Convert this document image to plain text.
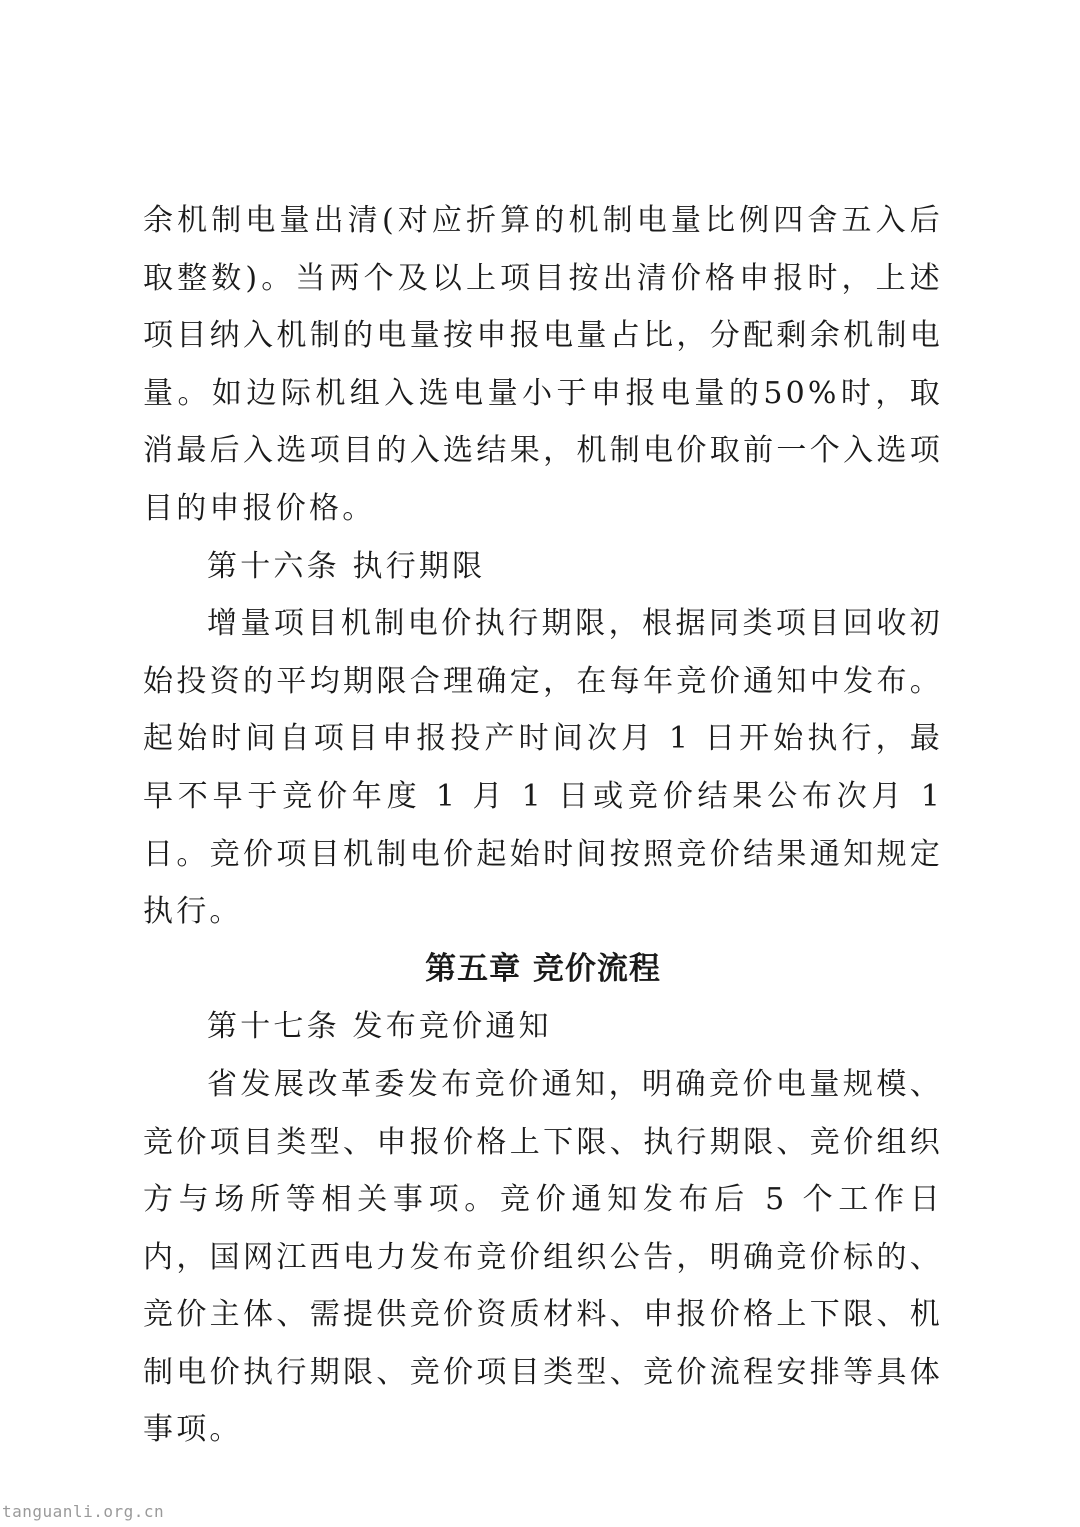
余机制电量出清(对应折算的机制电量比例四舍五入后取整数)。当两个及以上项目按出清价格申报时，上述项目纳入机制的电量按申报电量占比，分配剩余机制电量。如边际机组入选电量小于申报电量的50%时，取消最后入选项目的入选结果，机制电价取前一个入选项目的申报价格。

第十六条 执行期限

增量项目机制电价执行期限，根据同类项目回收初始投资的平均期限合理确定，在每年竞价通知中发布。起始时间自项目申报投产时间次月 1 日开始执行，最早不早于竞价年度 1 月 1 日或竞价结果公布次月 1 日。竞价项目机制电价起始时间按照竞价结果通知规定执行。

第五章 竞价流程

第十七条 发布竞价通知

省发展改革委发布竞价通知，明确竞价电量规模、竞价项目类型、申报价格上下限、执行期限、竞价组织方与场所等相关事项。竞价通知发布后 5 个工作日内，国网江西电力发布竞价组织公告，明确竞价标的、竞价主体、需提供竞价资质材料、申报价格上下限、机制电价执行期限、竞价项目类型、竞价流程安排等具体事项。

tanguanli.org.cn
